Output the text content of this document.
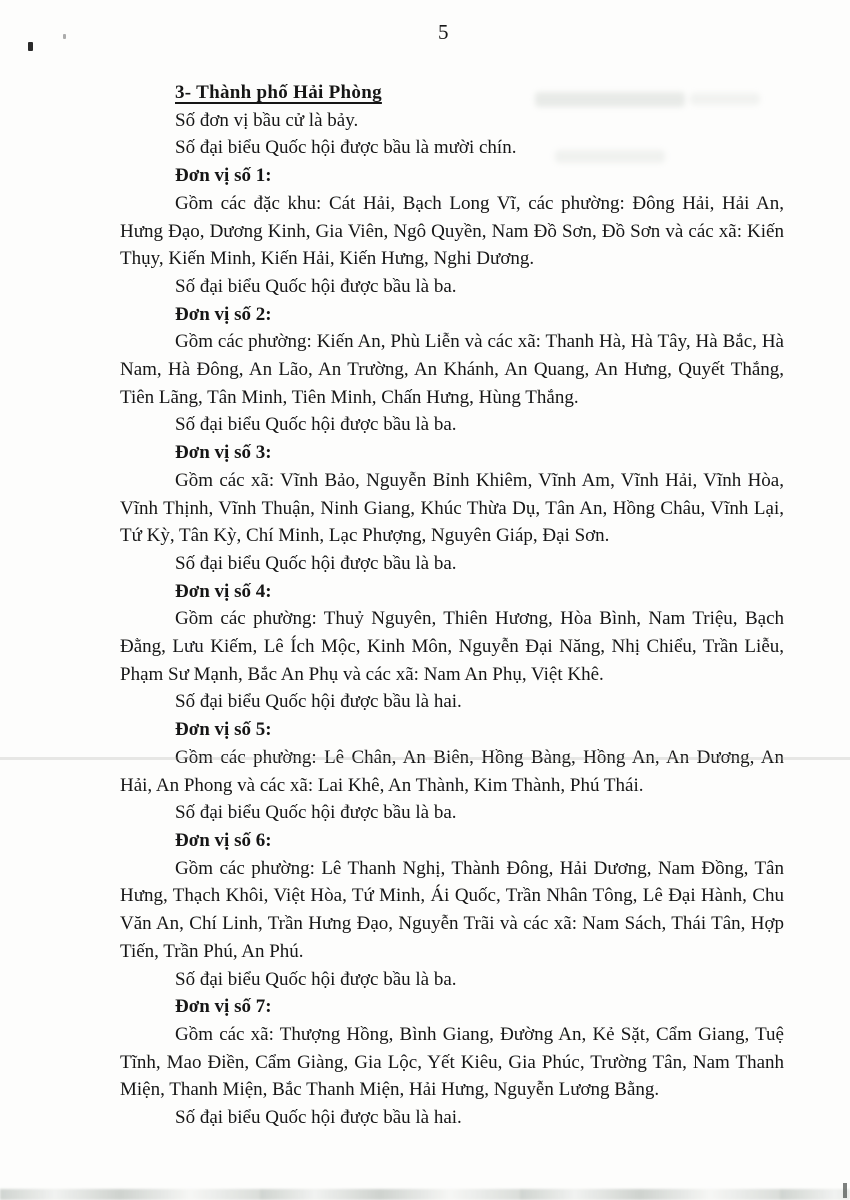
5

3- Thành phố Hải Phòng

Số đơn vị bầu cử là bảy.

Số đại biểu Quốc hội được bầu là mười chín.

Đơn vị số 1:

Gồm các đặc khu: Cát Hải, Bạch Long Vĩ, các phường: Đông Hải, Hải An, Hưng Đạo, Dương Kinh, Gia Viên, Ngô Quyền, Nam Đồ Sơn, Đồ Sơn và các xã: Kiến Thụy, Kiến Minh, Kiến Hải, Kiến Hưng, Nghi Dương.

Số đại biểu Quốc hội được bầu là ba.

Đơn vị số 2:

Gồm các phường: Kiến An, Phù Liễn và các xã: Thanh Hà, Hà Tây, Hà Bắc, Hà Nam, Hà Đông, An Lão, An Trường, An Khánh, An Quang, An Hưng, Quyết Thắng, Tiên Lãng, Tân Minh, Tiên Minh, Chấn Hưng, Hùng Thắng.

Số đại biểu Quốc hội được bầu là ba.

Đơn vị số 3:

Gồm các xã: Vĩnh Bảo, Nguyễn Bỉnh Khiêm, Vĩnh Am, Vĩnh Hải, Vĩnh Hòa, Vĩnh Thịnh, Vĩnh Thuận, Ninh Giang, Khúc Thừa Dụ, Tân An, Hồng Châu, Vĩnh Lại, Tứ Kỳ, Tân Kỳ, Chí Minh, Lạc Phượng, Nguyên Giáp, Đại Sơn.

Số đại biểu Quốc hội được bầu là ba.

Đơn vị số 4:

Gồm các phường: Thuỷ Nguyên, Thiên Hương, Hòa Bình, Nam Triệu, Bạch Đằng, Lưu Kiếm, Lê Ích Mộc, Kinh Môn, Nguyễn Đại Năng, Nhị Chiểu, Trần Liễu, Phạm Sư Mạnh, Bắc An Phụ và các xã: Nam An Phụ, Việt Khê.

Số đại biểu Quốc hội được bầu là hai.

Đơn vị số 5:

Gồm các phường: Lê Chân, An Biên, Hồng Bàng, Hồng An, An Dương, An Hải, An Phong và các xã: Lai Khê, An Thành, Kim Thành, Phú Thái.

Số đại biểu Quốc hội được bầu là ba.

Đơn vị số 6:

Gồm các phường: Lê Thanh Nghị, Thành Đông, Hải Dương, Nam Đồng, Tân Hưng, Thạch Khôi, Việt Hòa, Tứ Minh, Ái Quốc, Trần Nhân Tông, Lê Đại Hành, Chu Văn An, Chí Linh, Trần Hưng Đạo, Nguyễn Trãi và các xã: Nam Sách, Thái Tân, Hợp Tiến, Trần Phú, An Phú.

Số đại biểu Quốc hội được bầu là ba.

Đơn vị số 7:

Gồm các xã: Thượng Hồng, Bình Giang, Đường An, Kẻ Sặt, Cẩm Giang, Tuệ Tĩnh, Mao Điền, Cẩm Giàng, Gia Lộc, Yết Kiêu, Gia Phúc, Trường Tân, Nam Thanh Miện, Thanh Miện, Bắc Thanh Miện, Hải Hưng, Nguyễn Lương Bằng.

Số đại biểu Quốc hội được bầu là hai.
